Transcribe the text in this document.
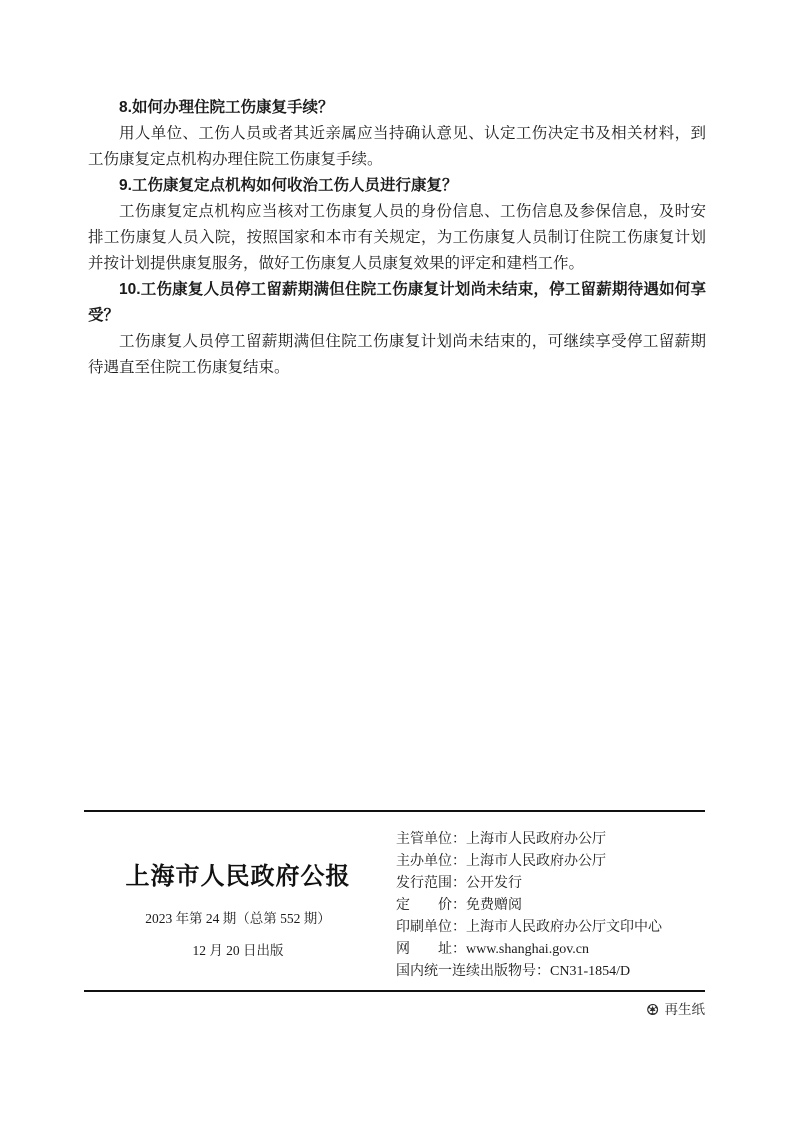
8.如何办理住院工伤康复手续？

用人单位、工伤人员或者其近亲属应当持确认意见、认定工伤决定书及相关材料，到工伤康复定点机构办理住院工伤康复手续。

9.工伤康复定点机构如何收治工伤人员进行康复？

工伤康复定点机构应当核对工伤康复人员的身份信息、工伤信息及参保信息，及时安排工伤康复人员入院，按照国家和本市有关规定，为工伤康复人员制订住院工伤康复计划并按计划提供康复服务，做好工伤康复人员康复效果的评定和建档工作。

10.工伤康复人员停工留薪期满但住院工伤康复计划尚未结束，停工留薪期待遇如何享受？

工伤康复人员停工留薪期满但住院工伤康复计划尚未结束的，可继续享受停工留薪期待遇直至住院工伤康复结束。

上海市人民政府公报
2023 年第 24 期（总第 552 期）
12 月 20 日出版
主管单位：上海市人民政府办公厅
主办单位：上海市人民政府办公厅
发行范围：公开发行
定　　价：免费赠阅
印刷单位：上海市人民政府办公厅文印中心
网　　址：www.shanghai.gov.cn
国内统一连续出版物号：CN31-1854/D
♼ 再生纸
